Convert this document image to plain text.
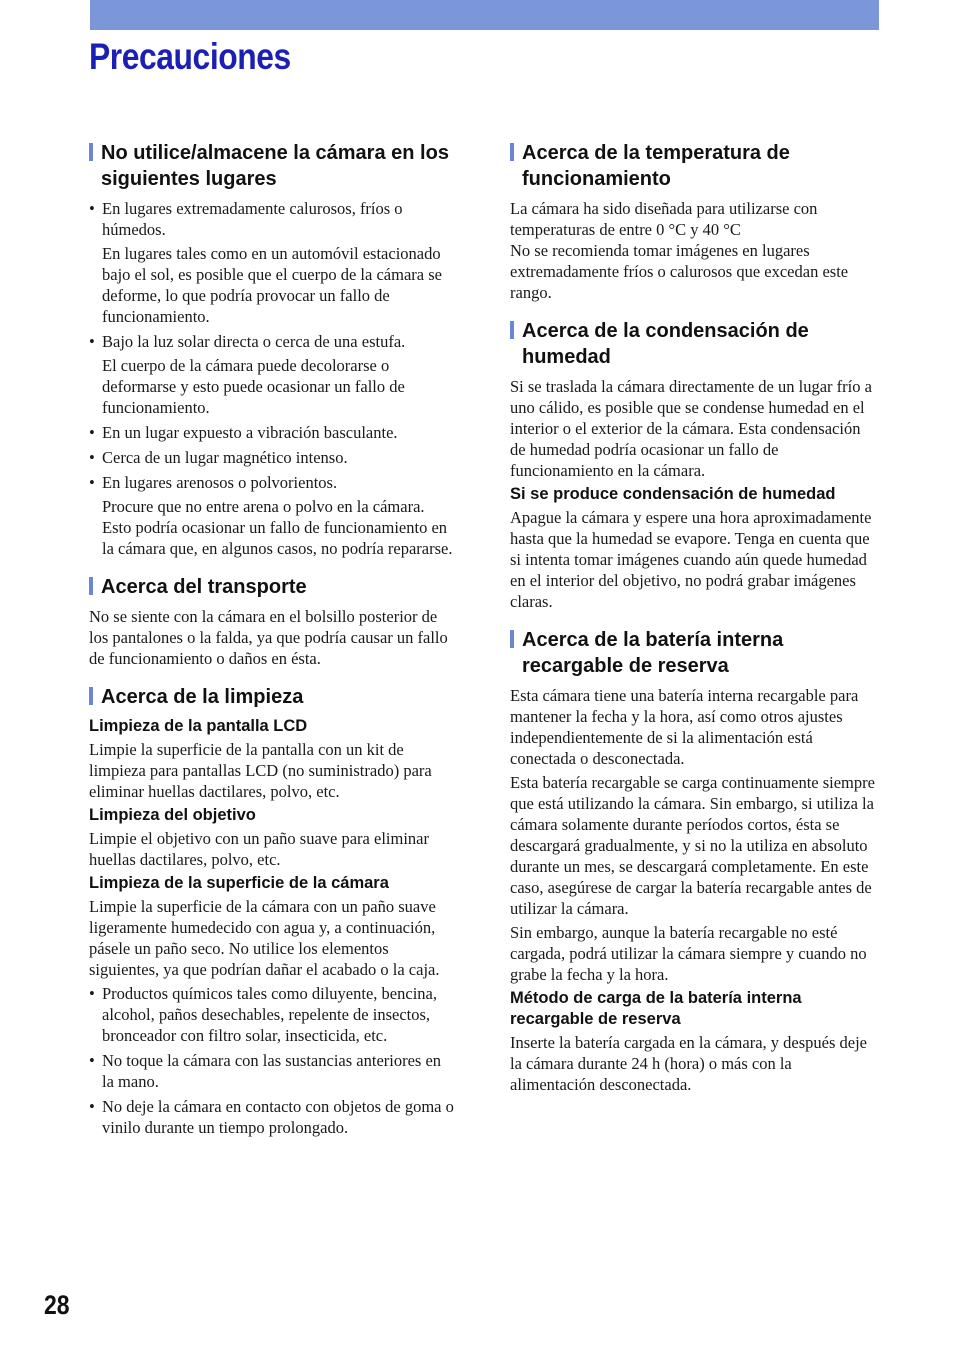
Precauciones
No utilice/almacene la cámara en los siguientes lugares
• En lugares extremadamente calurosos, fríos o húmedos.

En lugares tales como en un automóvil estacionado bajo el sol, es posible que el cuerpo de la cámara se deforme, lo que podría provocar un fallo de funcionamiento.

• Bajo la luz solar directa o cerca de una estufa.

El cuerpo de la cámara puede decolorarse o deformarse y esto puede ocasionar un fallo de funcionamiento.

• En un lugar expuesto a vibración basculante.
• Cerca de un lugar magnético intenso.
• En lugares arenosos o polvorientos.

Procure que no entre arena o polvo en la cámara. Esto podría ocasionar un fallo de funcionamiento en la cámara que, en algunos casos, no podría repararse.

Acerca del transporte

No se siente con la cámara en el bolsillo posterior de los pantalones o la falda, ya que podría causar un fallo de funcionamiento o daños en ésta.

Acerca de la limpieza
Limpieza de la pantalla LCD

Limpie la superficie de la pantalla con un kit de limpieza para pantallas LCD (no suministrado) para eliminar huellas dactilares, polvo, etc.

Limpieza del objetivo

Limpie el objetivo con un paño suave para eliminar huellas dactilares, polvo, etc.

Limpieza de la superficie de la cámara

Limpie la superficie de la cámara con un paño suave ligeramente humedecido con agua y, a continuación, pásele un paño seco. No utilice los elementos siguientes, ya que podrían dañar el acabado o la caja.

• Productos químicos tales como diluyente, bencina, alcohol, paños desechables, repelente de insectos, bronceador con filtro solar, insecticida, etc.
• No toque la cámara con las sustancias anteriores en la mano.
• No deje la cámara en contacto con objetos de goma o vinilo durante un tiempo prolongado.
Acerca de la temperatura de funcionamiento

La cámara ha sido diseñada para utilizarse con temperaturas de entre 0 °C y 40 °C
No se recomienda tomar imágenes en lugares extremadamente fríos o calurosos que excedan este rango.

Acerca de la condensación de humedad

Si se traslada la cámara directamente de un lugar frío a uno cálido, es posible que se condense humedad en el interior o el exterior de la cámara. Esta condensación de humedad podría ocasionar un fallo de funcionamiento en la cámara.

Si se produce condensación de humedad

Apague la cámara y espere una hora aproximadamente hasta que la humedad se evapore. Tenga en cuenta que si intenta tomar imágenes cuando aún quede humedad en el interior del objetivo, no podrá grabar imágenes claras.

Acerca de la batería interna recargable de reserva

Esta cámara tiene una batería interna recargable para mantener la fecha y la hora, así como otros ajustes independientemente de si la alimentación está conectada o desconectada.

Esta batería recargable se carga continuamente siempre que está utilizando la cámara. Sin embargo, si utiliza la cámara solamente durante períodos cortos, ésta se descargará gradualmente, y si no la utiliza en absoluto durante un mes, se descargará completamente. En este caso, asegúrese de cargar la batería recargable antes de utilizar la cámara.

Sin embargo, aunque la batería recargable no esté cargada, podrá utilizar la cámara siempre y cuando no grabe la fecha y la hora.

Método de carga de la batería interna recargable de reserva

Inserte la batería cargada en la cámara, y después deje la cámara durante 24 h (hora) o más con la alimentación desconectada.

28
